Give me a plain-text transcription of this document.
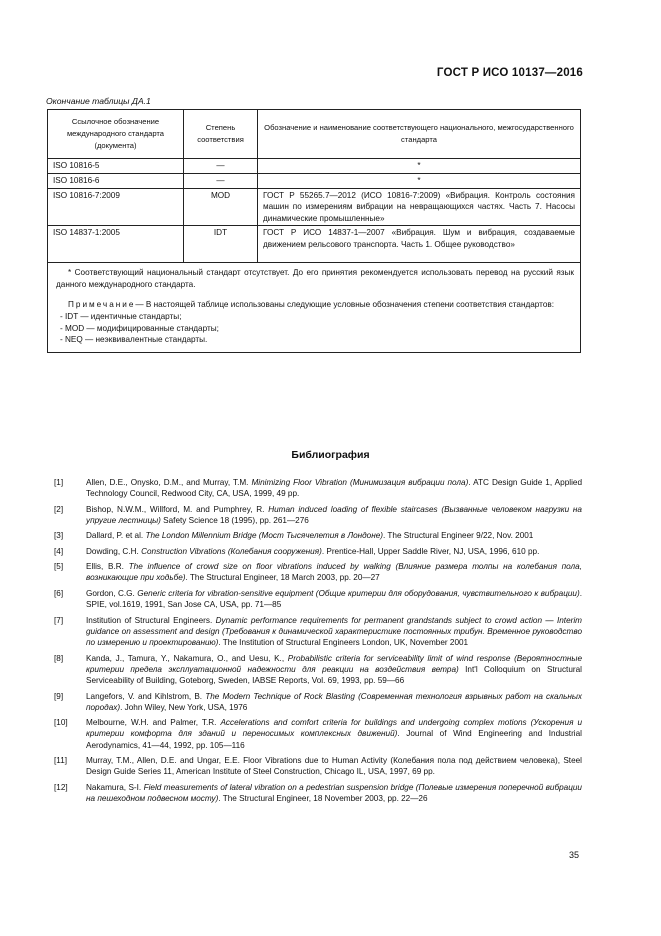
ГОСТ Р ИСО 10137—2016
Окончание таблицы ДА.1
Ссылочное обозначение международного стандарта (документа)	Степень соответствия	Обозначение и наименование соответствующего национального, межгосударственного стандарта
ISO 10816-5	—	*
ISO 10816-6	—	*
ISO 10816-7:2009	MOD	ГОСТ Р 55265.7—2012 (ИСО 10816-7:2009) «Вибрация. Контроль состояния машин по измерениям вибрации на невращающихся частях. Часть 7. Насосы динамические промышленные»
ISO 14837-1:2005	IDT	ГОСТ Р ИСО 14837-1—2007 «Вибрация. Шум и вибрация, создаваемые движением рельсового транспорта. Часть 1. Общее руководство»

* Соответствующий национальный стандарт отсутствует. До его принятия рекомендуется использовать перевод на русский язык данного международного стандарта.

Примечание— В настоящей таблице использованы следующие условные обозначения степени соответствия стандартов:

- IDT — идентичные стандарты;
- MOD — модифицированные стандарты;
- NEQ — неэквивалентные стандарты.		
Библиография
[1]	Allen, D.E., Onysko, D.M., and Murray, T.M. Minimizing Floor Vibration (Минимизация вибрации пола). ATC Design Guide 1, Applied Technology Council, Redwood City, CA, USA, 1999, 49 pp.
[2]	Bishop, N.W.M., Willford, M. and Pumphrey, R. Human induced loading of flexible staircases (Вызванные человеком нагрузки на упругие лестницы) Safety Science 18 (1995), pp. 261—276
[3]	Dallard, P. et al. The London Millennium Bridge (Мост Тысячелетия в Лондоне). The Structural Engineer 9/22, Nov. 2001
[4]	Dowding, C.H. Construction Vibrations (Колебания сооружения). Prentice-Hall, Upper Saddle River, NJ, USA, 1996, 610 pp.
[5]	Ellis, B.R. The influence of crowd size on floor vibrations induced by walking (Влияние размера толпы на колебания пола, возникающие при ходьбе). The Structural Engineer, 18 March 2003, pp. 20—27
[6]	Gordon, C.G. Generic criteria for vibration-sensitive equipment (Общие критерии для оборудования, чувствительного к вибрации). SPIE, vol.1619, 1991, San Jose CA, USA, pp. 71—85
[7]	Institution of Structural Engineers. Dynamic performance requirements for permanent grandstands subject to crowd action — Interim guidance on assessment and design (Требования к динамической характеристике постоянных трибун. Временное руководство по измерению и проектированию). The Institution of Structural Engineers London, UK, November 2001
[8]	Kanda, J., Tamura, Y., Nakamura, O., and Uesu, K., Probabilistic criteria for serviceability limit of wind response (Вероятностные критерии предела эксплуатационной надежности для реакции на воздействия ветра) Int'l Colloquium on Structural Serviceability of Building, Goteborg, Sweden, IABSE Reports, Vol. 69, 1993, pp. 59—66
[9]	Langefors, V. and Kihlstrom, B. The Modern Technique of Rock Blasting (Современная технология взрывных работ на скальных породах). John Wiley, New York, USA, 1976
[10]	Melbourne, W.H. and Palmer, T.R. Accelerations and comfort criteria for buildings and undergoing complex motions (Ускорения и критерии комфорта для зданий и переносимых комплексных движений). Journal of Wind Engineering and Industrial Aerodynamics, 41—44, 1992, pp. 105—116
[11]	Murray, T.M., Allen, D.E. and Ungar, E.E. Floor Vibrations due to Human Activity (Колебания пола под действием человека), Steel Design Guide Series 11, American Institute of Steel Construction, Chicago IL, USA, 1997, 69 pp.
[12]	Nakamura, S-I. Field measurements of lateral vibration on a pedestrian suspension bridge (Полевые измерения поперечной вибрации на пешеходном подвесном мосту). The Structural Engineer, 18 November 2003, pp. 22—26
35
